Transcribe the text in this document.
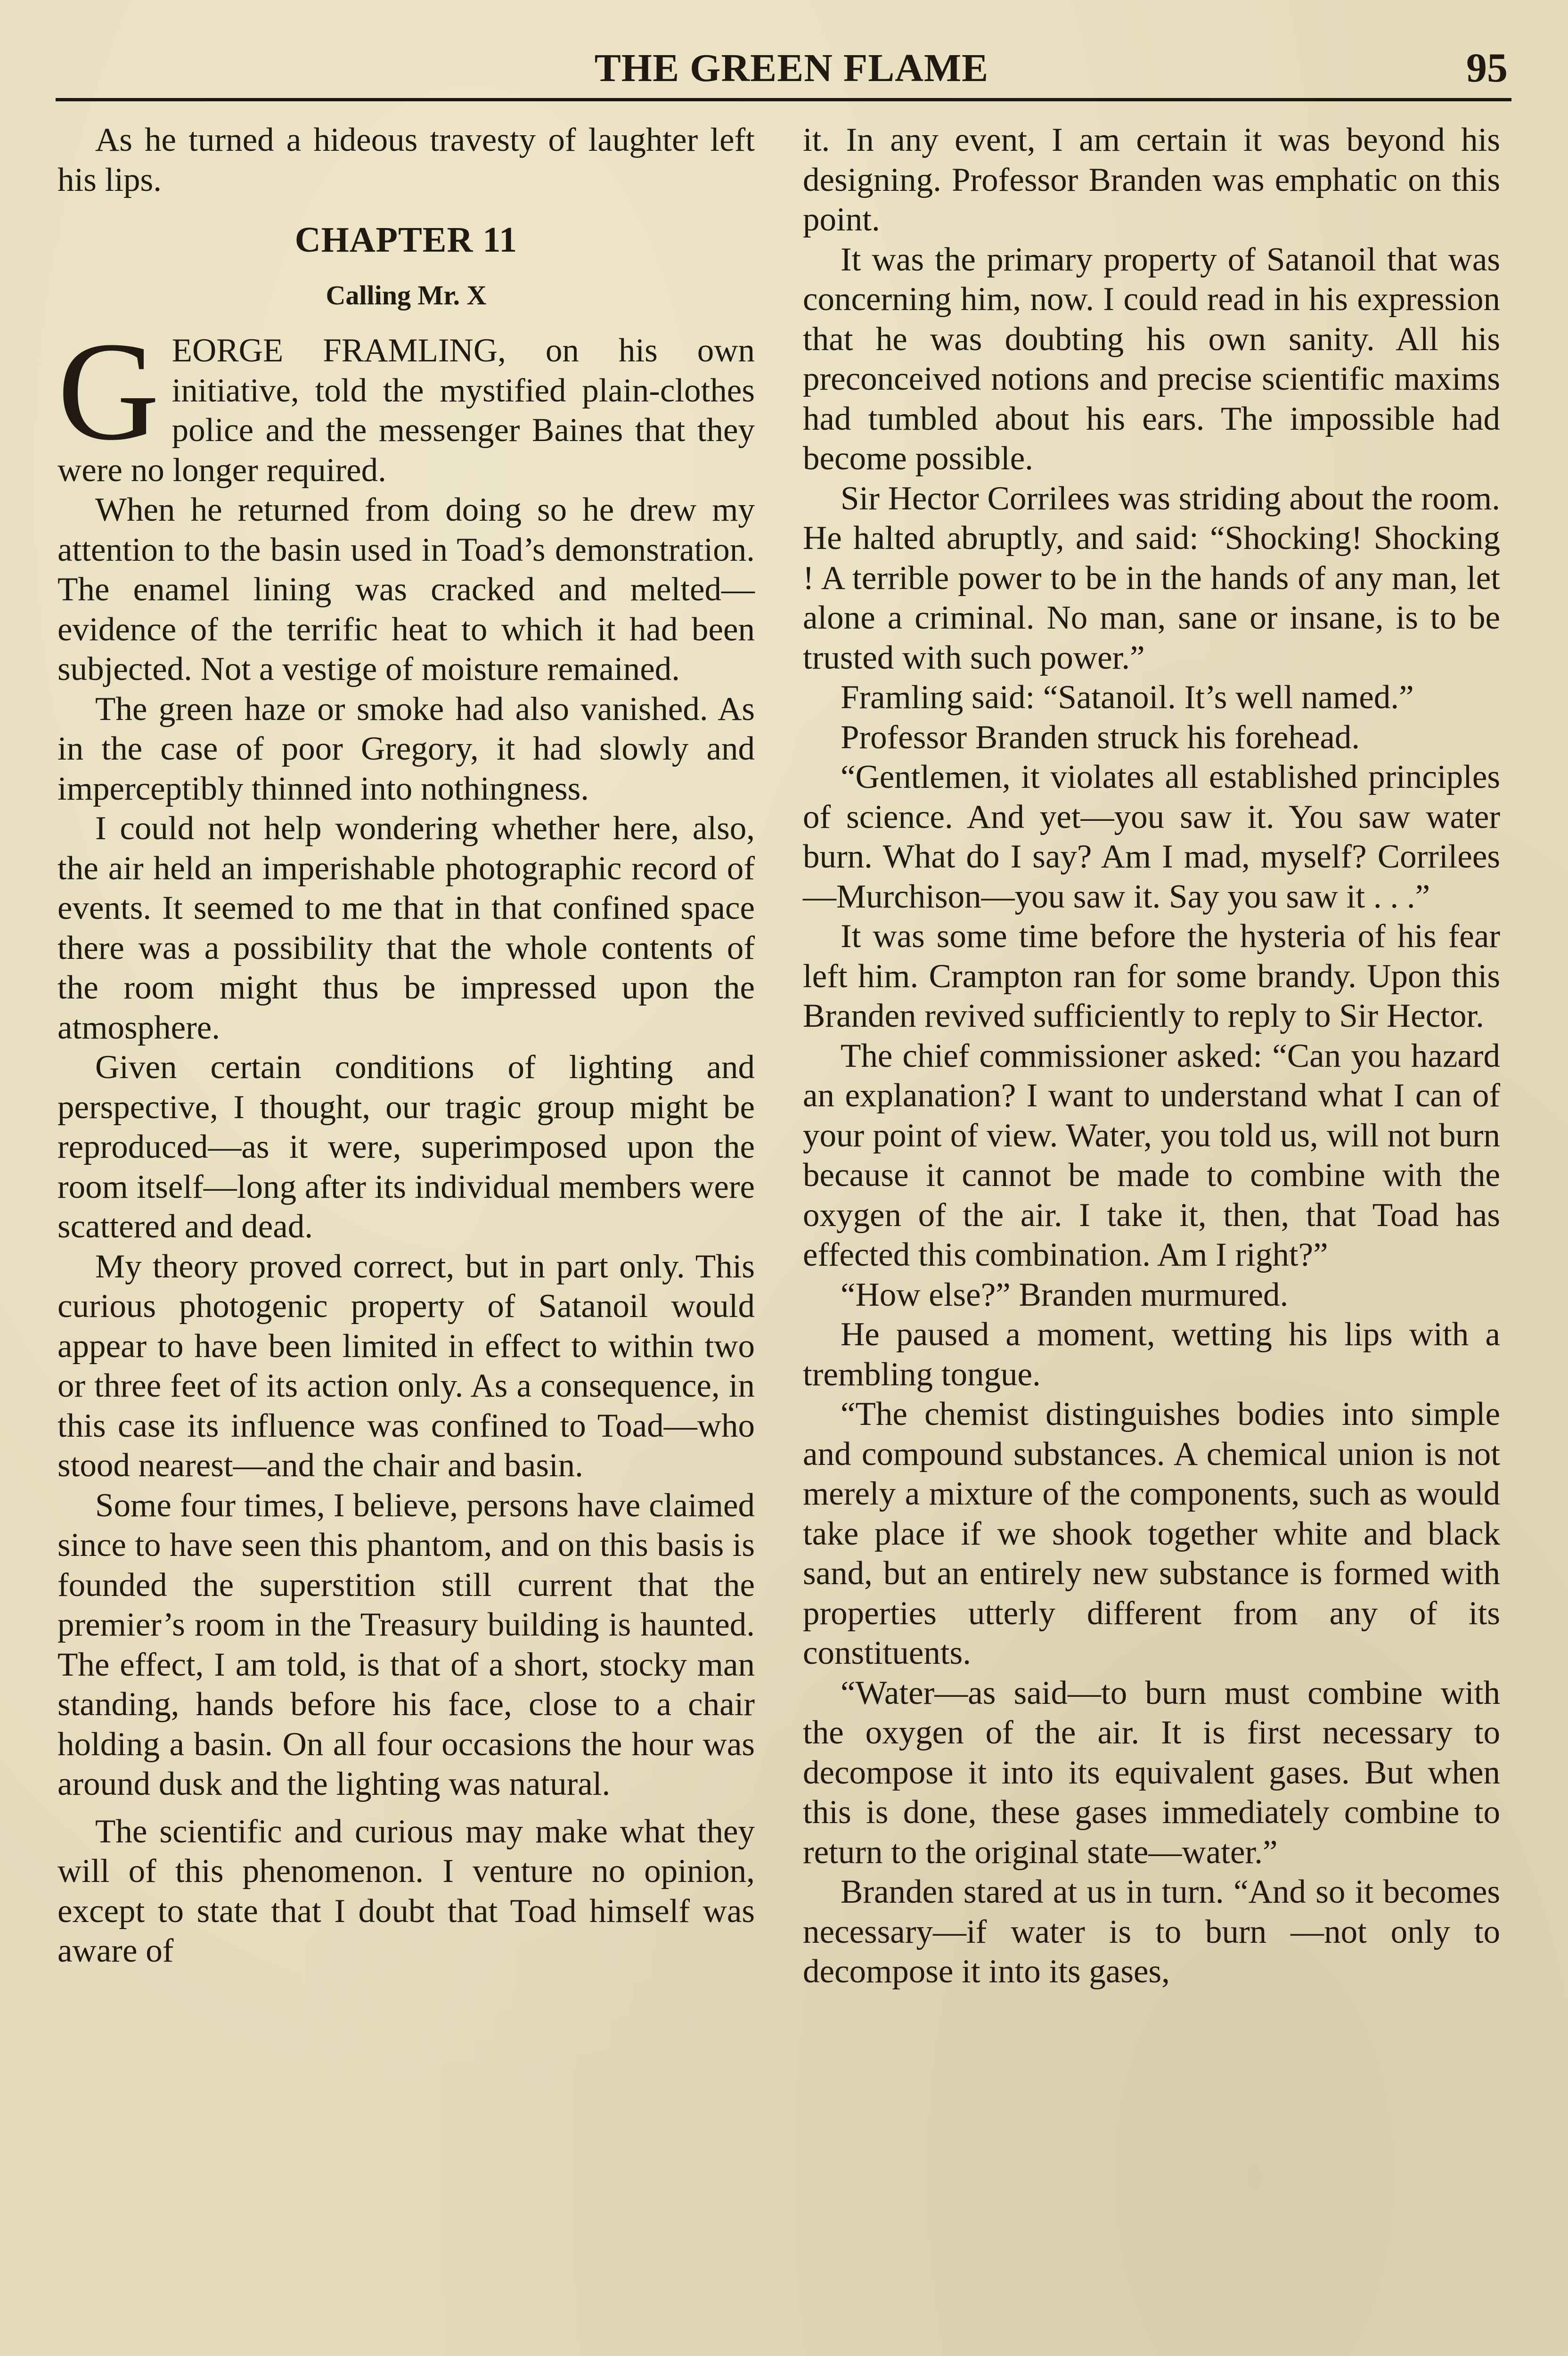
THE GREEN FLAME	95

As he turned a hideous travesty of laughter left his lips.

CHAPTER 11
Calling Mr. X

GEORGE FRAMLING, on his own initiative, told the mystified plain-clothes police and the messenger Baines that they were no longer required.

When he returned from doing so he drew my attention to the basin used in Toad’s demonstration. The enamel lining was cracked and melted—evidence of the terrific heat to which it had been subjected. Not a vestige of moisture remained.

The green haze or smoke had also vanished. As in the case of poor Gregory, it had slowly and imperceptibly thinned into nothingness.

I could not help wondering whether here, also, the air held an imperishable photographic record of events. It seemed to me that in that confined space there was a possibility that the whole contents of the room might thus be impressed upon the atmosphere.

Given certain conditions of lighting and perspective, I thought, our tragic group might be reproduced—as it were, superimposed upon the room itself—long after its individual members were scattered and dead.

My theory proved correct, but in part only. This curious photogenic property of Satanoil would appear to have been limited in effect to within two or three feet of its action only. As a consequence, in this case its influence was confined to Toad—who stood nearest—and the chair and basin.

Some four times, I believe, persons have claimed since to have seen this phantom, and on this basis is founded the superstition still current that the premier’s room in the Treasury building is haunted. The effect, I am told, is that of a short, stocky man standing, hands before his face, close to a chair holding a basin. On all four occasions the hour was around dusk and the lighting was natural.

The scientific and curious may make what they will of this phenomenon. I venture no opinion, except to state that I doubt that Toad himself was aware of

it. In any event, I am certain it was beyond his designing. Professor Branden was emphatic on this point.

It was the primary property of Satanoil that was concerning him, now. I could read in his expression that he was doubting his own sanity. All his preconceived notions and precise scientific maxims had tumbled about his ears. The impossible had become possible.

Sir Hector Corrilees was striding about the room. He halted abruptly, and said: “Shocking! Shocking ! A terrible power to be in the hands of any man, let alone a criminal. No man, sane or insane, is to be trusted with such power.”

Framling said: “Satanoil. It’s well named.”

Professor Branden struck his forehead.

“Gentlemen, it violates all established principles of science. And yet—you saw it. You saw water burn. What do I say? Am I mad, myself? Corrilees—Murchison—you saw it. Say you saw it . . .”

It was some time before the hysteria of his fear left him. Crampton ran for some brandy. Upon this Branden revived sufficiently to reply to Sir Hector.

The chief commissioner asked: “Can you hazard an explanation? I want to understand what I can of your point of view. Water, you told us, will not burn because it cannot be made to combine with the oxygen of the air. I take it, then, that Toad has effected this combination. Am I right?”

“How else?” Branden murmured.

He paused a moment, wetting his lips with a trembling tongue.

“The chemist distinguishes bodies into simple and compound substances. A chemical union is not merely a mixture of the components, such as would take place if we shook together white and black sand, but an entirely new substance is formed with properties utterly different from any of its constituents.

“Water—as said—to burn must combine with the oxygen of the air. It is first necessary to decompose it into its equivalent gases. But when this is done, these gases immediately combine to return to the original state—water.”

Branden stared at us in turn. “And so it becomes necessary—if water is to burn —not only to decompose it into its gases,
